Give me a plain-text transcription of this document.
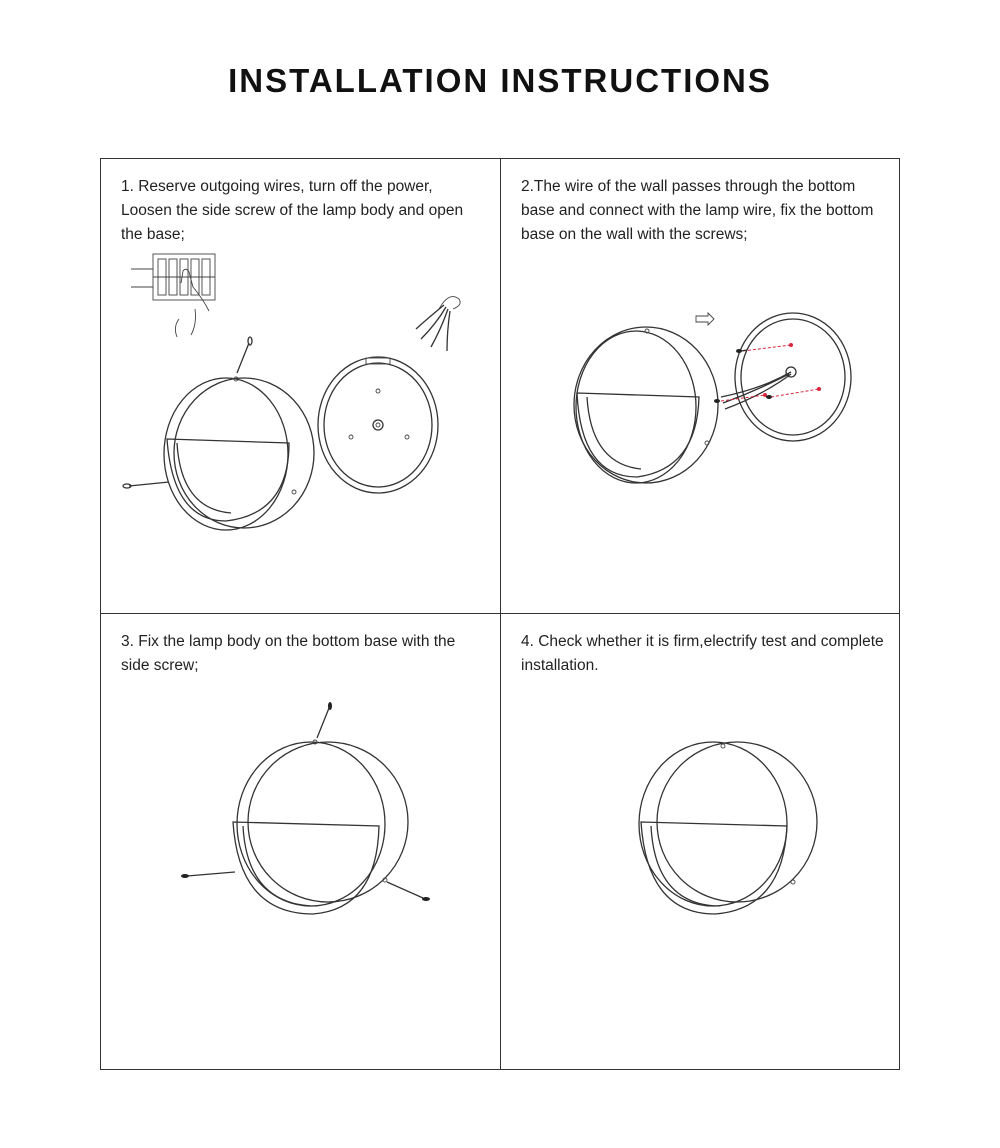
INSTALLATION INSTRUCTIONS
1. Reserve outgoing wires, turn off the power, Loosen the side screw of the lamp body and open the base;
2.The wire of the wall passes through the bottom base and connect with the lamp wire, fix the bottom base on the wall with the screws;
3. Fix the lamp body on the bottom base with the side screw;
4. Check whether it is firm,electrify test and complete installation.
